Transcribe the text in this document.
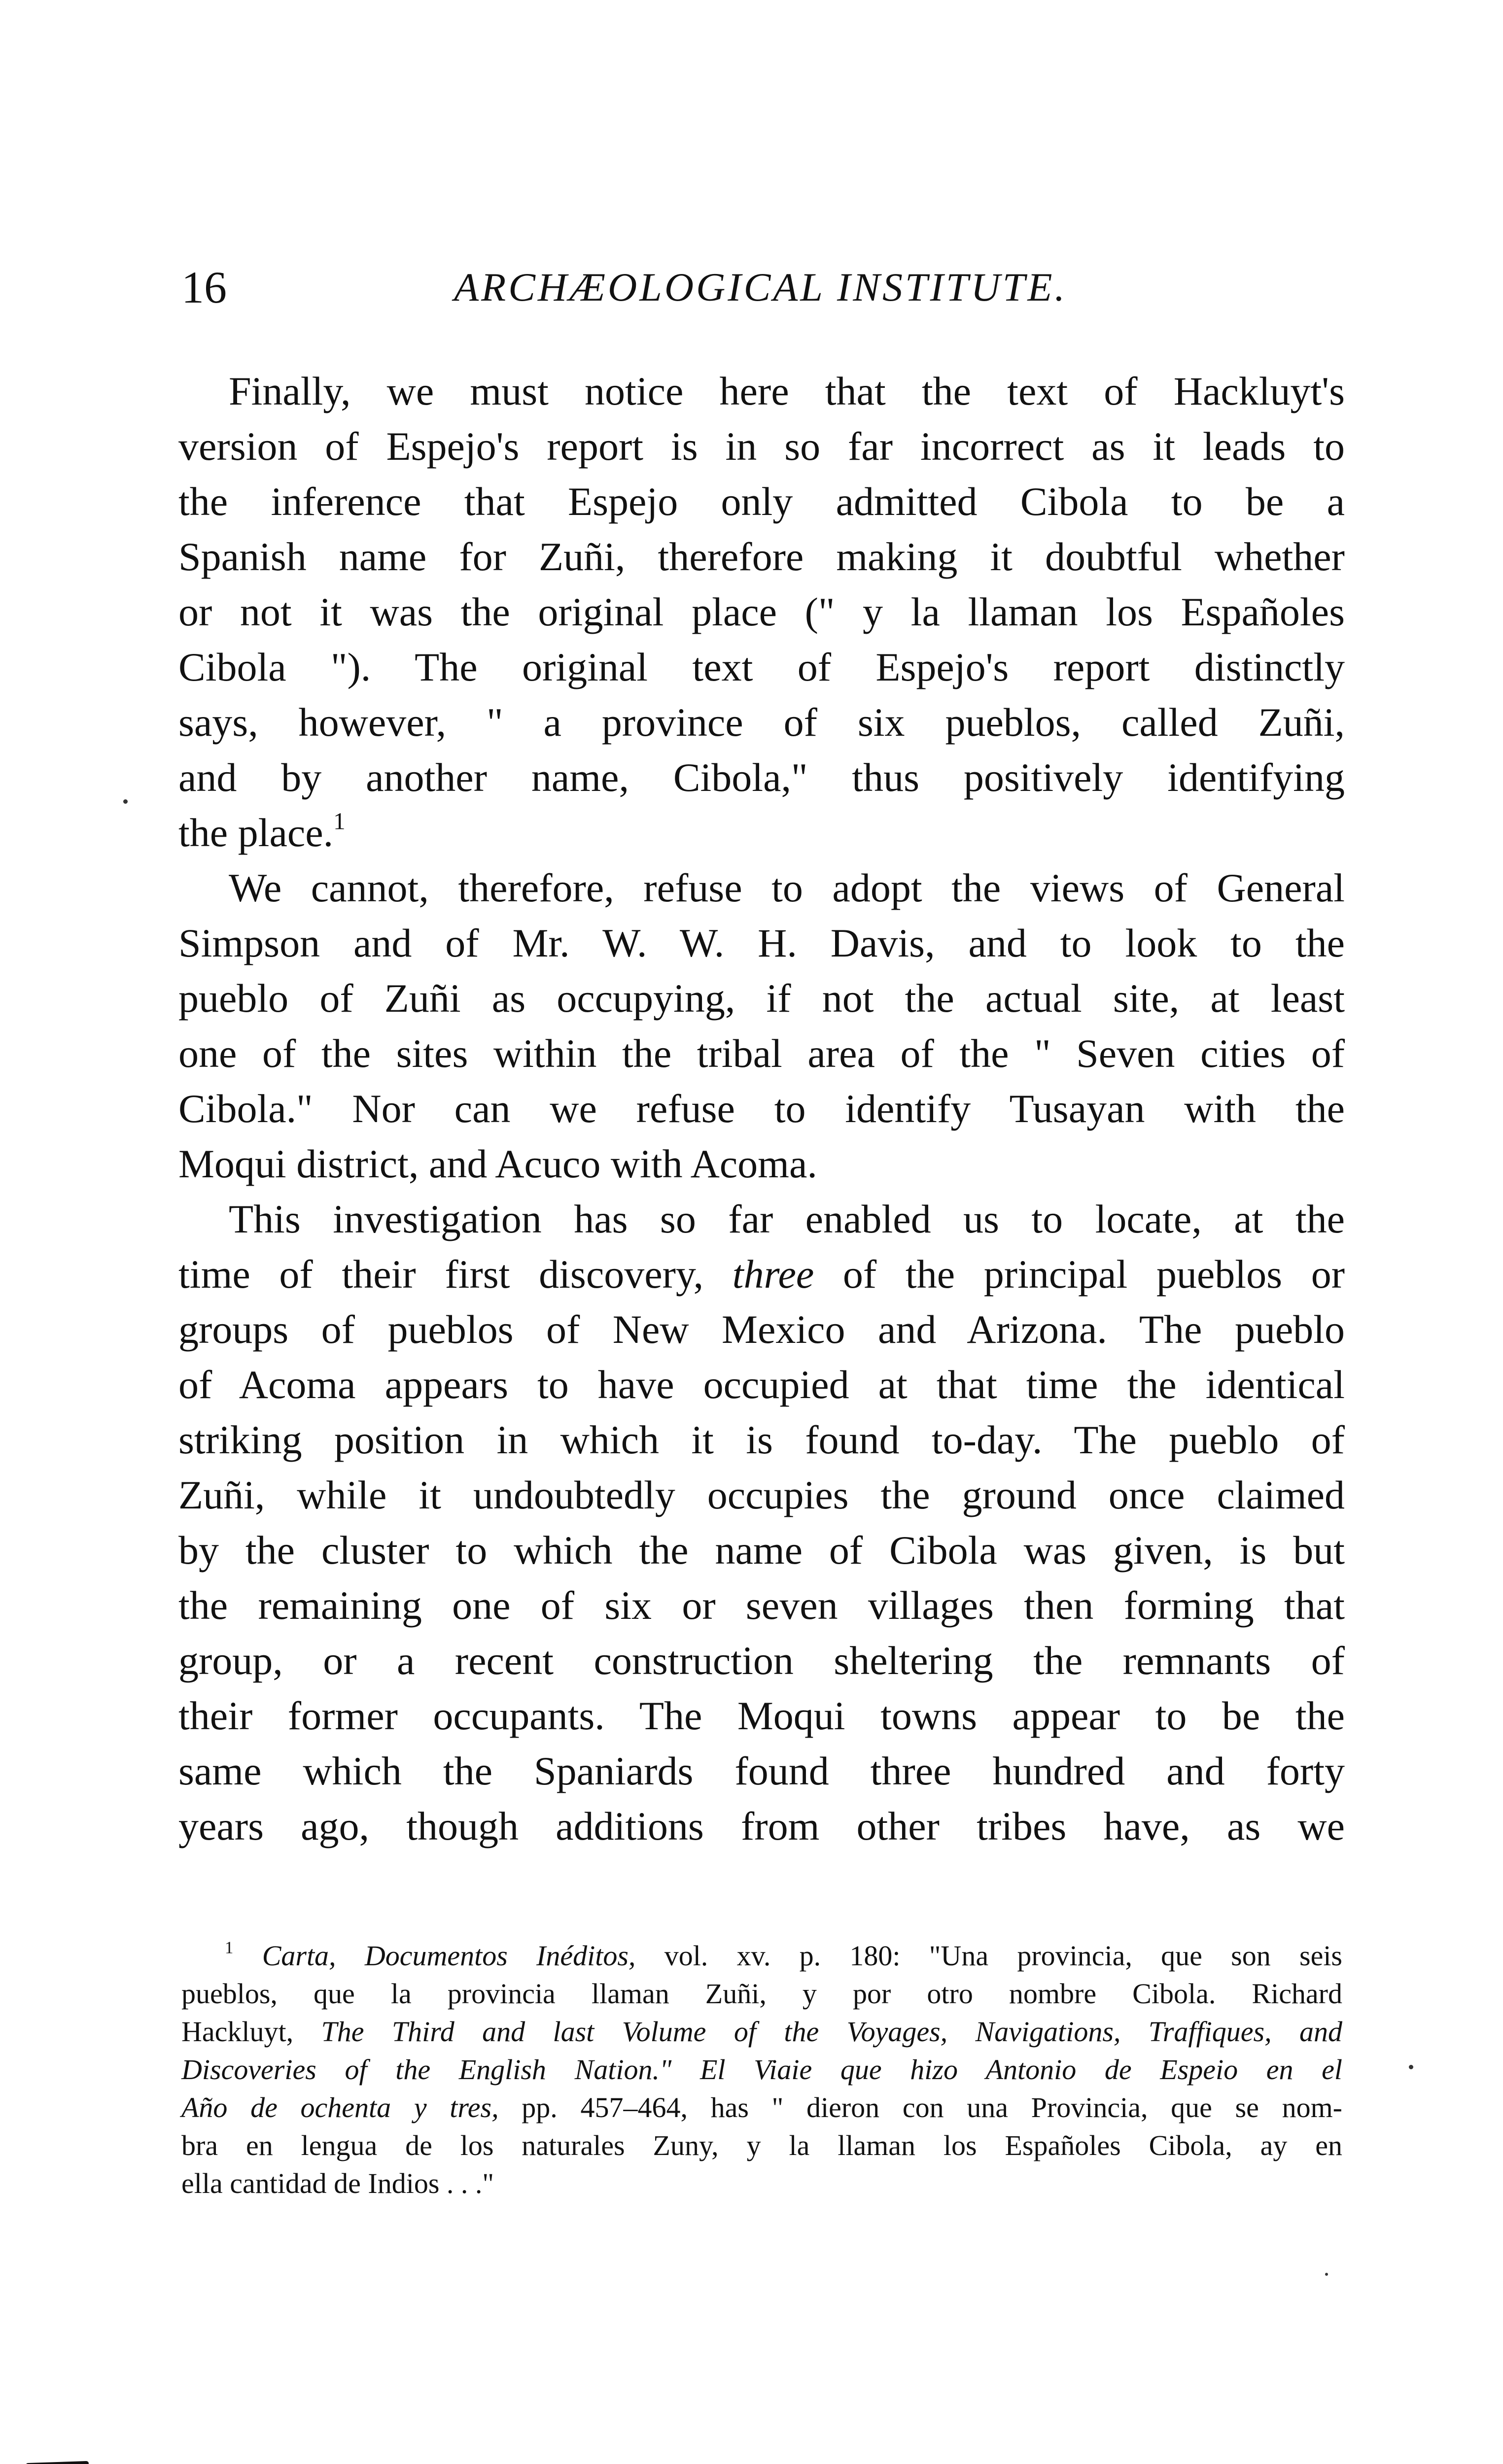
16	ARCHÆOLOGICAL INSTITUTE.
Finally, we must notice here that the text of Hackluyt's
version of Espejo's report is in so far incorrect as it leads to
the inference that Espejo only admitted Cibola to be a
Spanish name for Zuñi, therefore making it doubtful whether
or not it was the original place (" y la llaman los Españoles
Cibola "). The original text of Espejo's report distinctly
says, however, " a province of six pueblos, called Zuñi,
and by another name, Cibola," thus positively identifying
the place.$^1$
We cannot, therefore, refuse to adopt the views of General
Simpson and of Mr. W. W. H. Davis, and to look to the
pueblo of Zuñi as occupying, if not the actual site, at least
one of the sites within the tribal area of the " Seven cities of
Cibola." Nor can we refuse to identify Tusayan with the
Moqui district, and Acuco with Acoma.
This investigation has so far enabled us to locate, at the
time of their first discovery, three of the principal pueblos or
groups of pueblos of New Mexico and Arizona. The pueblo
of Acoma appears to have occupied at that time the identical
striking position in which it is found to-day. The pueblo of
Zuñi, while it undoubtedly occupies the ground once claimed
by the cluster to which the name of Cibola was given, is but
the remaining one of six or seven villages then forming that
group, or a recent construction sheltering the remnants of
their former occupants. The Moqui towns appear to be the
same which the Spaniards found three hundred and forty
years ago, though additions from other tribes have, as we
$^1$ Carta, Documentos Inéditos, vol. xv. p. 180: "Una provincia, que son seis
pueblos, que la provincia llaman Zuñi, y por otro nombre Cibola. Richard
Hackluyt, The Third and last Volume of the Voyages, Navigations, Traffiques, and
Discoveries of the English Nation." El Viaie que hizo Antonio de Espeio en el
Año de ochenta y tres, pp. 457–464, has " dieron con una Provincia, que se nom-
bra en lengua de los naturales Zuny, y la llaman los Españoles Cibola, ay en
ella cantidad de Indios . . ."
